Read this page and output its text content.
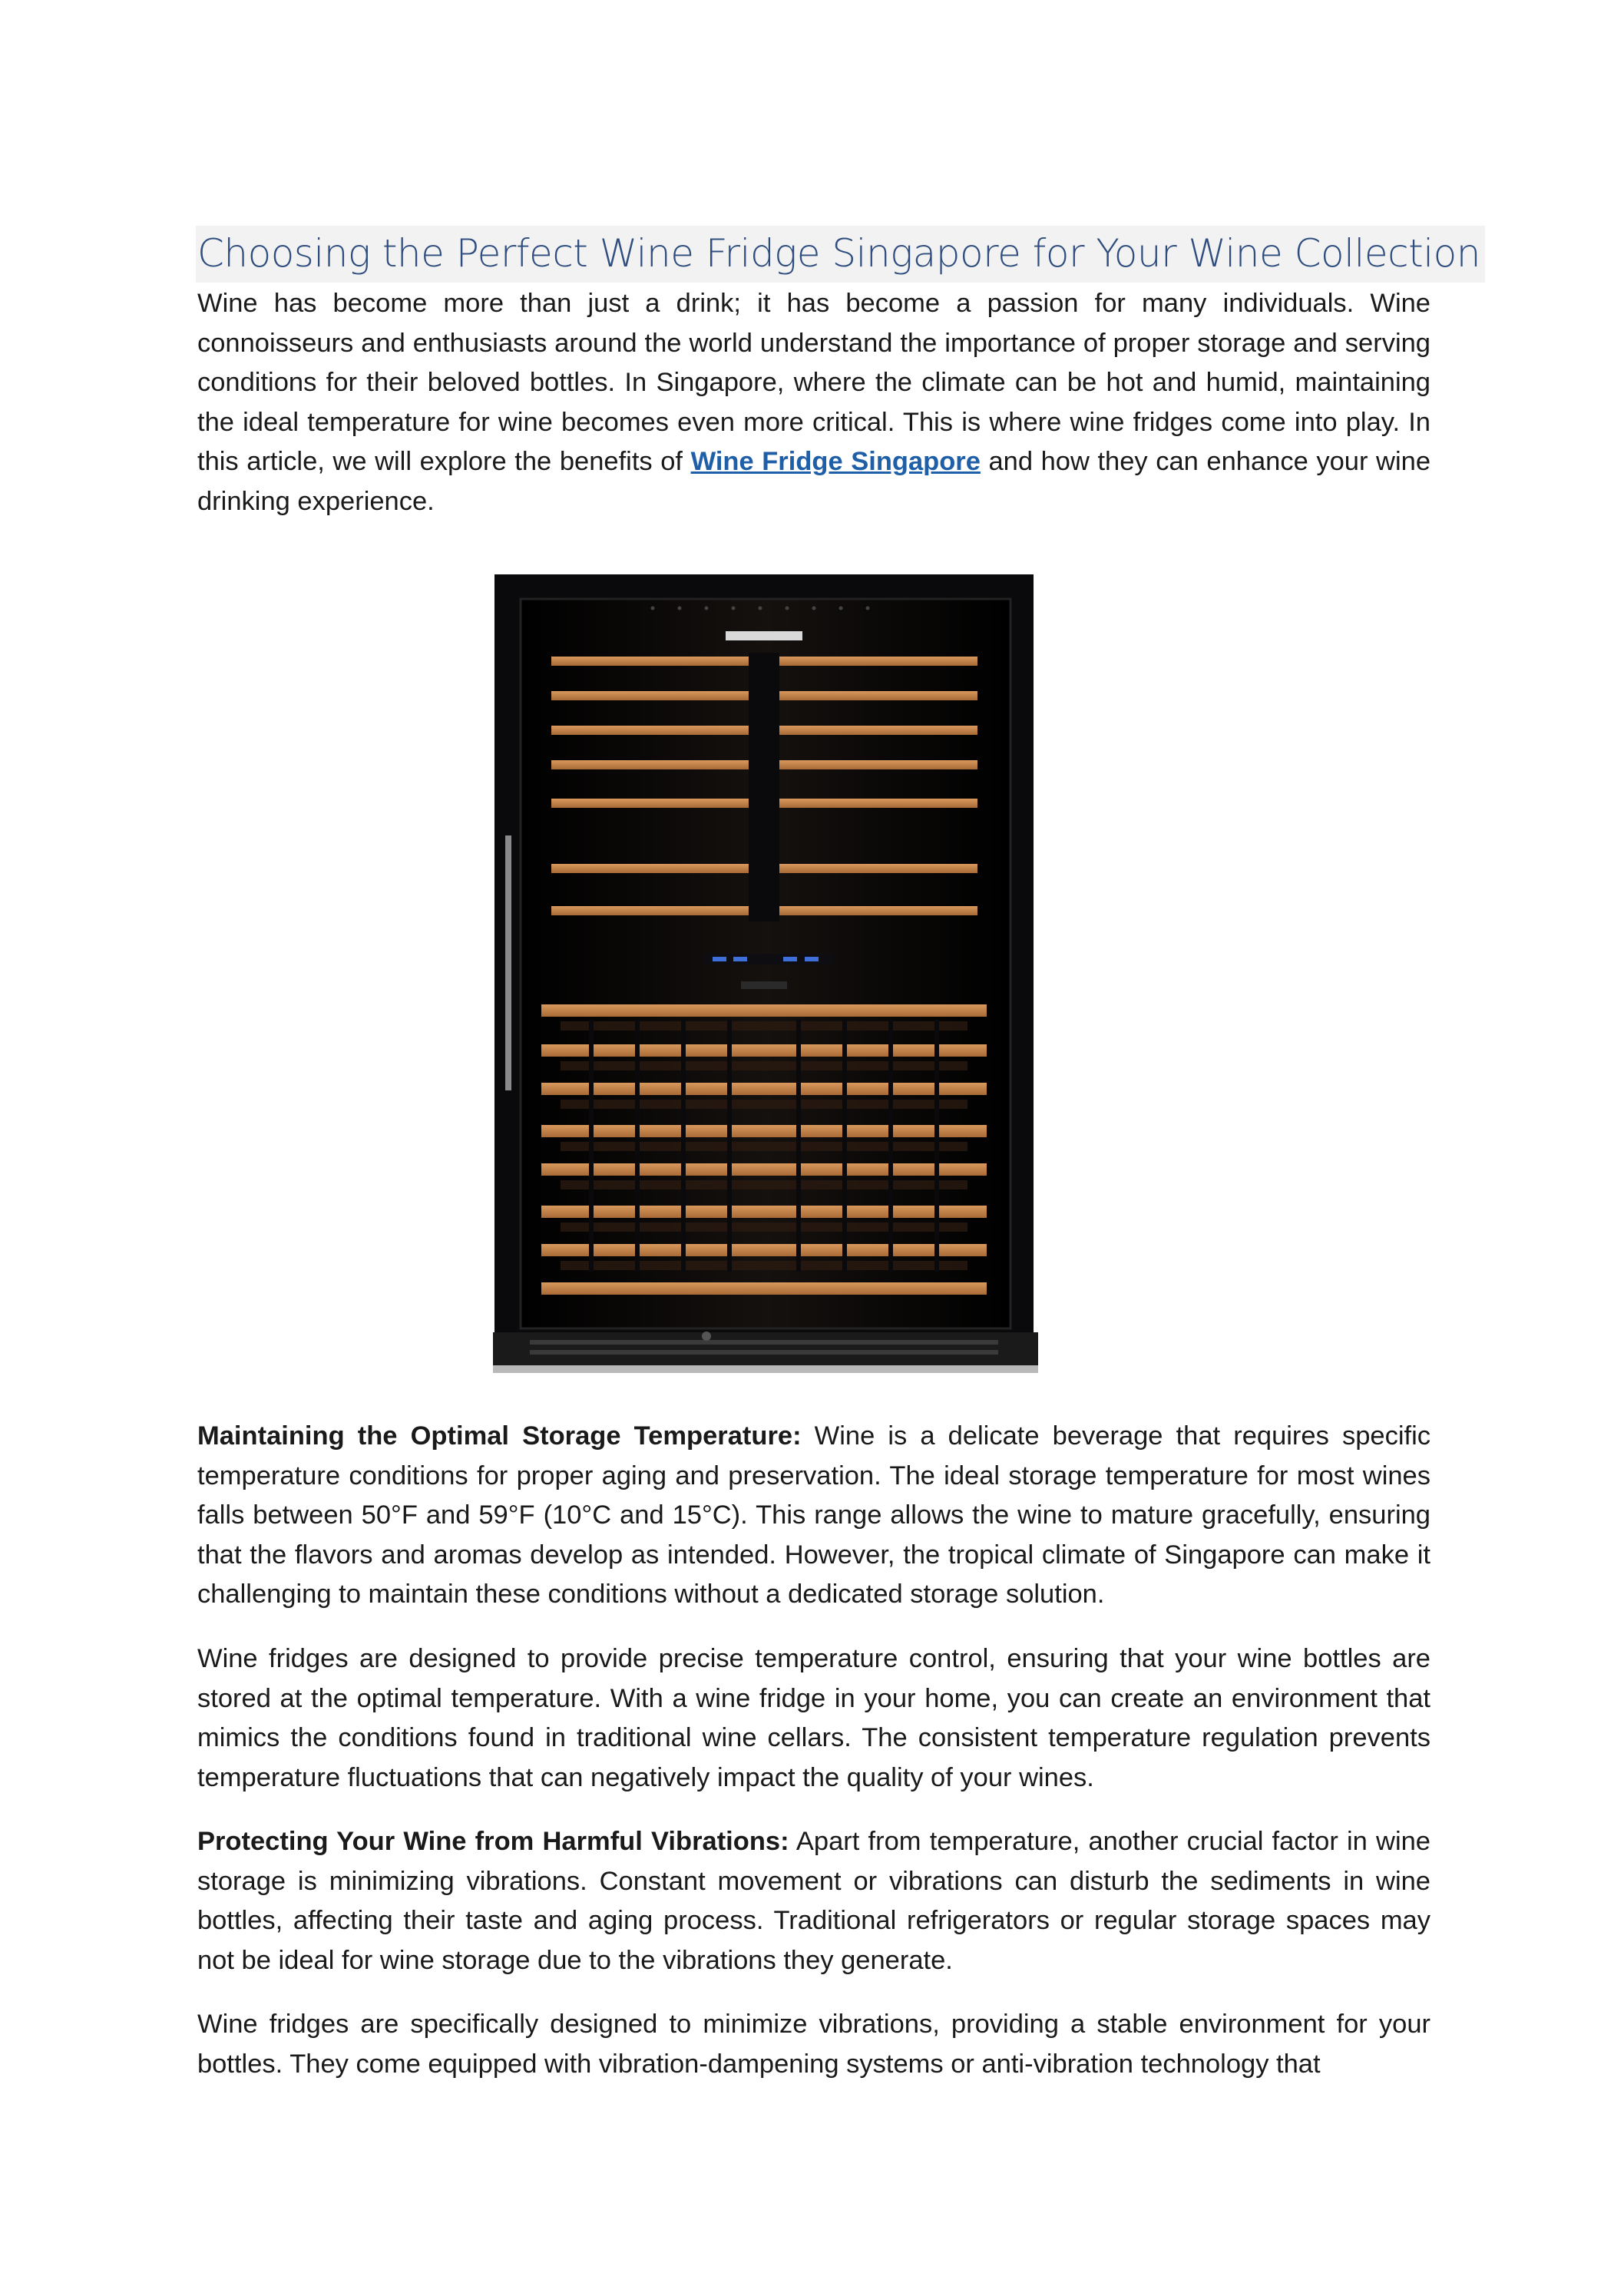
Choosing the Perfect Wine Fridge Singapore for Your Wine Collection

Wine has become more than just a drink; it has become a passion for many individuals. Wine connoisseurs and enthusiasts around the world understand the importance of proper storage and serving conditions for their beloved bottles. In Singapore, where the climate can be hot and humid, maintaining the ideal temperature for wine becomes even more critical. This is where wine fridges come into play. In this article, we will explore the benefits of Wine Fridge Singapore and how they can enhance your wine drinking experience.

Maintaining the Optimal Storage Temperature: Wine is a delicate beverage that requires specific temperature conditions for proper aging and preservation. The ideal storage temperature for most wines falls between 50°F and 59°F (10°C and 15°C). This range allows the wine to mature gracefully, ensuring that the flavors and aromas develop as intended. However, the tropical climate of Singapore can make it challenging to maintain these conditions without a dedicated storage solution.

Wine fridges are designed to provide precise temperature control, ensuring that your wine bottles are stored at the optimal temperature. With a wine fridge in your home, you can create an environment that mimics the conditions found in traditional wine cellars. The consistent temperature regulation prevents temperature fluctuations that can negatively impact the quality of your wines.

Protecting Your Wine from Harmful Vibrations: Apart from temperature, another crucial factor in wine storage is minimizing vibrations. Constant movement or vibrations can disturb the sediments in wine bottles, affecting their taste and aging process. Traditional refrigerators or regular storage spaces may not be ideal for wine storage due to the vibrations they generate.

Wine fridges are specifically designed to minimize vibrations, providing a stable environment for your bottles. They come equipped with vibration-dampening systems or anti-vibration technology that
